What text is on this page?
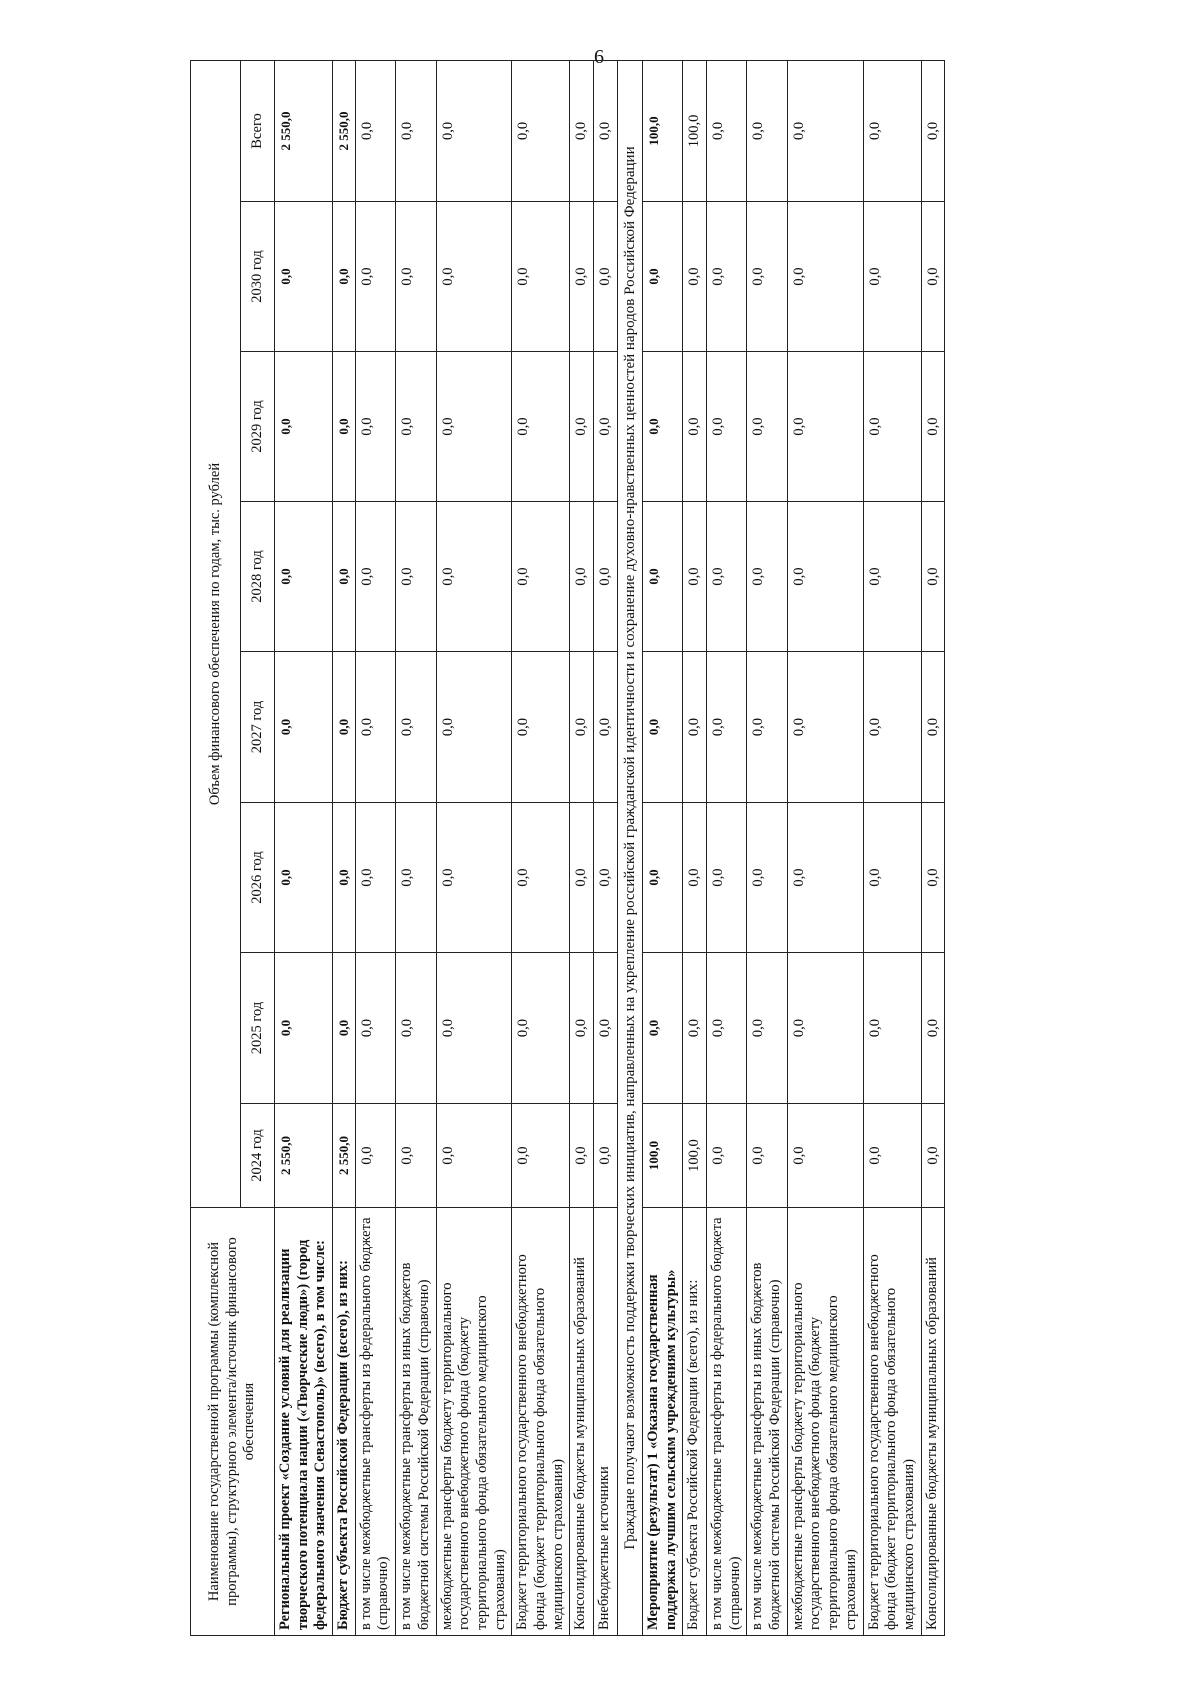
6
Наименование государственной программы (комплексной программы), структурного элемента/источник финансового обеспечения	Объем финансового обеспечения по годам, тыс. рублей							
	2024 год	2025 год	2026 год	2027 год	2028 год	2029 год	2030 год	Всего
Региональный проект «Создание условий для реализации творческого потенциала нации («Творческие люди») (город федерального значения Севастополь)» (всего), в том числе:	2 550,0	0,0	0,0	0,0	0,0	0,0	0,0	2 550,0
Бюджет субъекта Российской Федерации (всего), из них:	2 550,0	0,0	0,0	0,0	0,0	0,0	0,0	2 550,0
в том числе межбюджетные трансферты из федерального бюджета (справочно)	0,0	0,0	0,0	0,0	0,0	0,0	0,0	0,0
в том числе межбюджетные трансферты из иных бюджетов бюджетной системы Российской Федерации (справочно)	0,0	0,0	0,0	0,0	0,0	0,0	0,0	0,0
межбюджетные трансферты бюджету территориального государственного внебюджетного фонда (бюджету территориального фонда обязательного медицинского страхования)	0,0	0,0	0,0	0,0	0,0	0,0	0,0	0,0
Бюджет территориального государственного внебюджетного фонда (бюджет территориального фонда обязательного медицинского страхования)	0,0	0,0	0,0	0,0	0,0	0,0	0,0	0,0
Консолидированные бюджеты муниципальных образований	0,0	0,0	0,0	0,0	0,0	0,0	0,0	0,0
Внебюджетные источники	0,0	0,0	0,0	0,0	0,0	0,0	0,0	0,0
Граждане получают возможность поддержки творческих инициатив, направленных на укрепление российской гражданской идентичности и сохранение духовно-нравственных ценностей народов Российской Федерации								
Мероприятие (результат) 1 «Оказана государственная поддержка лучшим сельским учреждениям культуры»	100,0	0,0	0,0	0,0	0,0	0,0	0,0	100,0
Бюджет субъекта Российской Федерации (всего), из них:	100,0	0,0	0,0	0,0	0,0	0,0	0,0	100,0
в том числе межбюджетные трансферты из федерального бюджета (справочно)	0,0	0,0	0,0	0,0	0,0	0,0	0,0	0,0
в том числе межбюджетные трансферты из иных бюджетов бюджетной системы Российской Федерации (справочно)	0,0	0,0	0,0	0,0	0,0	0,0	0,0	0,0
межбюджетные трансферты бюджету территориального государственного внебюджетного фонда (бюджету территориального фонда обязательного медицинского страхования)	0,0	0,0	0,0	0,0	0,0	0,0	0,0	0,0
Бюджет территориального государственного внебюджетного фонда (бюджет территориального фонда обязательного медицинского страхования)	0,0	0,0	0,0	0,0	0,0	0,0	0,0	0,0
Консолидированные бюджеты муниципальных образований	0,0	0,0	0,0	0,0	0,0	0,0	0,0	0,0
